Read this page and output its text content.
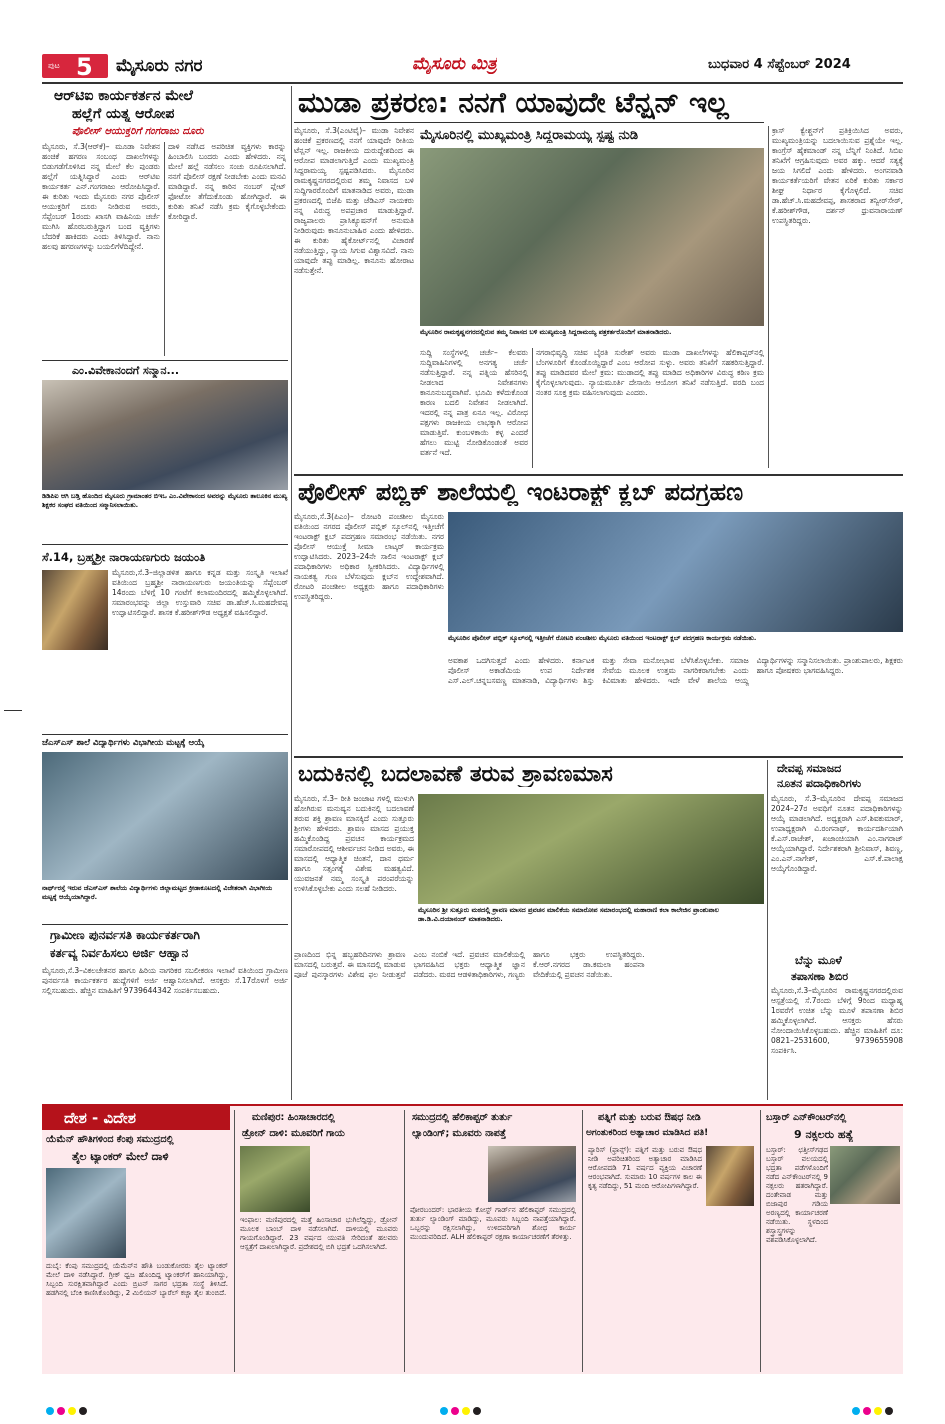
ಪುಟ 5 ಮೈಸೂರು ನಗರ	ಮೈಸೂರು ಮಿತ್ರ	ಬುಧವಾರ 4 ಸೆಪ್ಟೆಂಬರ್ 2024
ಆರ್‌ಟಿಐ ಕಾರ್ಯಕರ್ತನ ಮೇಲೆ
ಹಲ್ಲೆಗೆ ಯತ್ನ ಆರೋಪ
ಪೊಲೀಸ್ ಆಯುಕ್ತರಿಗೆ ಗಂಗರಾಜು ದೂರು
ಮೈಸೂರು, ಸೆ.3(ಆರ್‌ಕೆ)– ಮೂಡಾ ನಿವೇಶನ ಹಂಚಿಕೆ ಹಗರಣ ಸಂಬಂಧ ದಾಖಲೆಗಳನ್ನು ಬಿಡುಗಡೆಗೊಳಿಸಿದ ನನ್ನ ಮೇಲೆ ಕೆಲ ಪುಂಡರು ಹಲ್ಲೆಗೆ ಯತ್ನಿಸಿದ್ದಾರೆ ಎಂದು ಆರ್‌ಟಿಐ ಕಾರ್ಯಕರ್ತ ಎನ್.ಗಂಗರಾಜು ಆರೋಪಿಸಿದ್ದಾರೆ. ಈ ಕುರಿತು ಇಂದು ಮೈಸೂರು ನಗರ ಪೊಲೀಸ್ ಆಯುಕ್ತರಿಗೆ ದೂರು ನೀಡಿರುವ ಅವರು, ಸೆಪ್ಟೆಂಬರ್ 1ರಂದು ಖಾಸಗಿ ವಾಹಿನಿಯ ಚರ್ಚೆ ಮುಗಿಸಿ ಹೊರಬರುತ್ತಿದ್ದಾಗ ಬಂದ ವ್ಯಕ್ತಿಗಳು ಬೆದರಿಕೆ ಹಾಕಿದರು ಎಂದು ತಿಳಿಸಿದ್ದಾರೆ. ನಾನು ಹಲವು ಹಗರಣಗಳನ್ನು ಬಯಲಿಗೆಳೆದಿದ್ದೇನೆ.
ದಾಳಿ ನಡೆಸಿದ ಅಪರಿಚಿತ ವ್ಯಕ್ತಿಗಳು ಕಾರನ್ನು ಹಿಂಬಾಲಿಸಿ ಬಂದರು ಎಂದು ಹೇಳಿದರು. ನನ್ನ ಮೇಲೆ ಹಲ್ಲೆ ನಡೆಸಲು ಸಂಚು ರೂಪಿಸಲಾಗಿದೆ. ನನಗೆ ಪೊಲೀಸ್ ರಕ್ಷಣೆ ನೀಡಬೇಕು ಎಂದು ಮನವಿ ಮಾಡಿದ್ದಾರೆ. ನನ್ನ ಕಾರಿನ ನಂಬರ್ ಪ್ಲೇಟ್ ಫೋಟೋ ತೆಗೆದುಕೊಂಡು ಹೋಗಿದ್ದಾರೆ. ಈ ಕುರಿತು ತನಿಖೆ ನಡೆಸಿ ಕ್ರಮ ಕೈಗೊಳ್ಳಬೇಕೆಂದು ಕೋರಿದ್ದಾರೆ.
ಎಂ.ವಿವೇಕಾನಂದಗೆ ಸನ್ಮಾನ...
ಡಿಡಿಪಿಐ ಆಗಿ ಬಡ್ತಿ ಹೊಂದಿದ ಮೈಸೂರು ಗ್ರಾಮಾಂತರ ಬಿಇಒ ಎಂ.ವಿವೇಕಾನಂದ ಅವರನ್ನು ಮೈಸೂರು ತಾಲೂಕಿನ ಮುಖ್ಯ ಶಿಕ್ಷಕರ ಸಂಘದ ವತಿಯಿಂದ ಸನ್ಮಾನಿಸಲಾಯಿತು.
ಸೆ.14, ಬ್ರಹ್ಮಶ್ರೀ ನಾರಾಯಣಗುರು ಜಯಂತಿ
ಮೈಸೂರು,ಸೆ.3–ಜಿಲ್ಲಾಡಳಿತ ಹಾಗೂ ಕನ್ನಡ ಮತ್ತು ಸಂಸ್ಕೃತಿ ಇಲಾಖೆ ವತಿಯಿಂದ ಬ್ರಹ್ಮಶ್ರೀ ನಾರಾಯಣಗುರು ಜಯಂತಿಯನ್ನು ಸೆಪ್ಟೆಂಬರ್ 14ರಂದು ಬೆಳಿಗ್ಗೆ 10 ಗಂಟೆಗೆ ಕಲಾಮಂದಿರದಲ್ಲಿ ಹಮ್ಮಿಕೊಳ್ಳಲಾಗಿದೆ. ಸಮಾರಂಭವನ್ನು ಜಿಲ್ಲಾ ಉಸ್ತುವಾರಿ ಸಚಿವ ಡಾ.ಹೆಚ್.ಸಿ.ಮಹದೇವಪ್ಪ ಉದ್ಘಾಟಿಸಲಿದ್ದಾರೆ. ಶಾಸಕ ಕೆ.ಹರೀಶ್‌ಗೌಡ ಅಧ್ಯಕ್ಷತೆ ವಹಿಸಲಿದ್ದಾರೆ.
ಜೆಎಸ್‌ಎಸ್ ಶಾಲೆ ವಿದ್ಯಾರ್ಥಿಗಳು ವಿಭಾಗೀಯ ಮಟ್ಟಕ್ಕೆ ಆಯ್ಕೆ
ನಾರ್ಥ್‌ರಸ್ತೆ ಇರುವ ಜೆಎಸ್‌ಎಸ್ ಶಾಲೆಯ ವಿದ್ಯಾರ್ಥಿಗಳು ಜಿಲ್ಲಾಮಟ್ಟದ ಕ್ರೀಡಾಕೂಟದಲ್ಲಿ ವಿಜೇತರಾಗಿ ವಿಭಾಗೀಯ ಮಟ್ಟಕ್ಕೆ ಆಯ್ಕೆಯಾಗಿದ್ದಾರೆ.
ಗ್ರಾಮೀಣ ಪುನರ್ವಸತಿ ಕಾರ್ಯಕರ್ತರಾಗಿ
ಕರ್ತವ್ಯ ನಿರ್ವಹಿಸಲು ಅರ್ಜಿ ಆಹ್ವಾನ
ಮೈಸೂರು,ಸೆ.3–ವಿಕಲಚೇತನರ ಹಾಗೂ ಹಿರಿಯ ನಾಗರಿಕರ ಸಬಲೀಕರಣ ಇಲಾಖೆ ವತಿಯಿಂದ ಗ್ರಾಮೀಣ ಪುನರ್ವಸತಿ ಕಾರ್ಯಕರ್ತರ ಹುದ್ದೆಗಳಿಗೆ ಅರ್ಜಿ ಆಹ್ವಾನಿಸಲಾಗಿದೆ. ಆಸಕ್ತರು ಸೆ.17ರೊಳಗೆ ಅರ್ಜಿ ಸಲ್ಲಿಸಬಹುದು. ಹೆಚ್ಚಿನ ಮಾಹಿತಿಗೆ 9739644342 ಸಂಪರ್ಕಿಸಬಹುದು.
ಮುಡಾ ಪ್ರಕರಣ: ನನಗೆ ಯಾವುದೇ ಟೆನ್ಷನ್ ಇಲ್ಲ
ಮೈಸೂರು, ಸೆ.3(ಎಂಟಿವೈ)– ಮುಡಾ ನಿವೇಶನ ಹಂಚಿಕೆ ಪ್ರಕರಣದಲ್ಲಿ ನನಗೆ ಯಾವುದೇ ರೀತಿಯ ಟೆನ್ಷನ್ ಇಲ್ಲ. ರಾಜಕೀಯ ದುರುದ್ದೇಶದಿಂದ ಈ ಆರೋಪ ಮಾಡಲಾಗುತ್ತಿದೆ ಎಂದು ಮುಖ್ಯಮಂತ್ರಿ ಸಿದ್ದರಾಮಯ್ಯ ಸ್ಪಷ್ಟಪಡಿಸಿದರು. ಮೈಸೂರಿನ ರಾಮಕೃಷ್ಣನಗರದಲ್ಲಿರುವ ತಮ್ಮ ನಿವಾಸದ ಬಳಿ ಸುದ್ದಿಗಾರರೊಂದಿಗೆ ಮಾತನಾಡಿದ ಅವರು, ಮುಡಾ ಪ್ರಕರಣದಲ್ಲಿ ಬಿಜೆಪಿ ಮತ್ತು ಜೆಡಿಎಸ್ ನಾಯಕರು ನನ್ನ ವಿರುದ್ಧ ಅಪಪ್ರಚಾರ ಮಾಡುತ್ತಿದ್ದಾರೆ. ರಾಜ್ಯಪಾಲರು ಪ್ರಾಸಿಕ್ಯೂಷನ್‌ಗೆ ಅನುಮತಿ ನೀಡಿರುವುದು ಕಾನೂನುಬಾಹಿರ ಎಂದು ಹೇಳಿದರು. ಈ ಕುರಿತು ಹೈಕೋರ್ಟ್‌ನಲ್ಲಿ ವಿಚಾರಣೆ ನಡೆಯುತ್ತಿದ್ದು, ನ್ಯಾಯ ಸಿಗುವ ವಿಶ್ವಾಸವಿದೆ. ನಾನು ಯಾವುದೇ ತಪ್ಪು ಮಾಡಿಲ್ಲ. ಕಾನೂನು ಹೋರಾಟ ನಡೆಸುತ್ತೇನೆ.
ಮೈಸೂರಿನಲ್ಲಿ ಮುಖ್ಯಮಂತ್ರಿ ಸಿದ್ದರಾಮಯ್ಯ ಸ್ಪಷ್ಟ ನುಡಿ
ಮೈಸೂರಿನ ರಾಮಕೃಷ್ಣನಗರದಲ್ಲಿರುವ ತಮ್ಮ ನಿವಾಸದ ಬಳಿ ಮುಖ್ಯಮಂತ್ರಿ ಸಿದ್ದರಾಮಯ್ಯ ಪತ್ರಕರ್ತರೊಂದಿಗೆ ಮಾತನಾಡಿದರು.
ಸುದ್ದಿ ಸಂಸ್ಥೆಗಳಲ್ಲಿ ಚರ್ಚೆ– ಕೆಲವರು ಸುದ್ದಿವಾಹಿನಿಗಳಲ್ಲಿ ಅನಗತ್ಯ ಚರ್ಚೆ ನಡೆಸುತ್ತಿದ್ದಾರೆ. ನನ್ನ ಪತ್ನಿಯ ಹೆಸರಿನಲ್ಲಿ ನೀಡಲಾದ ನಿವೇಶನಗಳು ಕಾನೂನುಬದ್ಧವಾಗಿವೆ. ಭೂಮಿ ಕಳೆದುಕೊಂಡ ಕಾರಣ ಬದಲಿ ನಿವೇಶನ ನೀಡಲಾಗಿದೆ. ಇದರಲ್ಲಿ ನನ್ನ ಪಾತ್ರ ಏನೂ ಇಲ್ಲ. ವಿರೋಧ ಪಕ್ಷಗಳು ರಾಜಕೀಯ ಲಾಭಕ್ಕಾಗಿ ಆರೋಪ ಮಾಡುತ್ತಿವೆ. ಕುಂಬಳಕಾಯಿ ಕಳ್ಳ ಎಂದರೆ ಹೆಗಲು ಮುಟ್ಟಿ ನೋಡಿಕೊಂಡಂತೆ ಅವರ ವರ್ತನೆ ಇದೆ.
ನಗರಾಭಿವೃದ್ಧಿ ಸಚಿವ ಬೈರತಿ ಸುರೇಶ್ ಅವರು ಮುಡಾ ದಾಖಲೆಗಳನ್ನು ಹೆಲಿಕಾಪ್ಟರ್‌ನಲ್ಲಿ ಬೆಂಗಳೂರಿಗೆ ಕೊಂಡೊಯ್ದಿದ್ದಾರೆ ಎಂಬ ಆರೋಪ ಸುಳ್ಳು. ಅವರು ತನಿಖೆಗೆ ಸಹಕರಿಸುತ್ತಿದ್ದಾರೆ. ತಪ್ಪು ಮಾಡಿದವರ ಮೇಲೆ ಕ್ರಮ: ಮುಡಾದಲ್ಲಿ ತಪ್ಪು ಮಾಡಿದ ಅಧಿಕಾರಿಗಳ ವಿರುದ್ಧ ಕಠಿಣ ಕ್ರಮ ಕೈಗೊಳ್ಳಲಾಗುವುದು. ನ್ಯಾಯಮೂರ್ತಿ ದೇಸಾಯಿ ಆಯೋಗ ತನಿಖೆ ನಡೆಸುತ್ತಿದೆ. ವರದಿ ಬಂದ ನಂತರ ಸೂಕ್ತ ಕ್ರಮ ವಹಿಸಲಾಗುವುದು ಎಂದರು.
ಕ್ರಾಸ್ ಕ್ವೇಶ್ಚನ್‌ಗೆ ಪ್ರತಿಕ್ರಿಯಿಸಿದ ಅವರು, ಮುಖ್ಯಮಂತ್ರಿಯನ್ನು ಬದಲಾಯಿಸುವ ಪ್ರಶ್ನೆಯೇ ಇಲ್ಲ. ಕಾಂಗ್ರೆಸ್ ಹೈಕಮಾಂಡ್ ನನ್ನ ಬೆನ್ನಿಗೆ ನಿಂತಿದೆ. ಸಿಬಿಐ ತನಿಖೆಗೆ ಆಗ್ರಹಿಸುವುದು ಅವರ ಹಕ್ಕು. ಆದರೆ ಸತ್ಯಕ್ಕೆ ಜಯ ಸಿಗಲಿದೆ ಎಂದು ಹೇಳಿದರು. ಅಂಗನವಾಡಿ ಕಾರ್ಯಕರ್ತೆಯರಿಗೆ ವೇತನ ಏರಿಕೆ ಕುರಿತು ಸರ್ಕಾರ ಶೀಘ್ರ ನಿರ್ಧಾರ ಕೈಗೊಳ್ಳಲಿದೆ. ಸಚಿವ ಡಾ.ಹೆಚ್.ಸಿ.ಮಹದೇವಪ್ಪ, ಶಾಸಕರಾದ ತನ್ವೀರ್‌ಸೇಠ್, ಕೆ.ಹರೀಶ್‌ಗೌಡ, ದರ್ಶನ್ ಧ್ರುವನಾರಾಯಣ್ ಉಪಸ್ಥಿತರಿದ್ದರು.
ಪೊಲೀಸ್ ಪಬ್ಲಿಕ್ ಶಾಲೆಯಲ್ಲಿ ಇಂಟರಾಕ್ಟ್ ಕ್ಲಬ್ ಪದಗ್ರಹಣ
ಮೈಸೂರು,ಸೆ.3(ಪಿಎಂ)– ರೋಟರಿ ಪಂಚಶೀಲ ಮೈಸೂರು ವತಿಯಿಂದ ನಗರದ ಪೊಲೀಸ್ ಪಬ್ಲಿಕ್ ಸ್ಕೂಲ್‌ನಲ್ಲಿ ಇತ್ತೀಚೆಗೆ ಇಂಟರಾಕ್ಟ್ ಕ್ಲಬ್ ಪದಗ್ರಹಣ ಸಮಾರಂಭ ನಡೆಯಿತು. ನಗರ ಪೊಲೀಸ್ ಆಯುಕ್ತೆ ಸೀಮಾ ಲಾಟ್ಕರ್ ಕಾರ್ಯಕ್ರಮ ಉದ್ಘಾಟಿಸಿದರು. 2023–24ನೇ ಸಾಲಿನ ಇಂಟರಾಕ್ಟ್ ಕ್ಲಬ್ ಪದಾಧಿಕಾರಿಗಳು ಅಧಿಕಾರ ಸ್ವೀಕರಿಸಿದರು. ವಿದ್ಯಾರ್ಥಿಗಳಲ್ಲಿ ನಾಯಕತ್ವ ಗುಣ ಬೆಳೆಸುವುದು ಕ್ಲಬ್‌ನ ಉದ್ದೇಶವಾಗಿದೆ. ರೋಟರಿ ಪಂಚಶೀಲ ಅಧ್ಯಕ್ಷರು ಹಾಗೂ ಪದಾಧಿಕಾರಿಗಳು ಉಪಸ್ಥಿತರಿದ್ದರು.
ಮೈಸೂರಿನ ಪೊಲೀಸ್ ಪಬ್ಲಿಕ್ ಸ್ಕೂಲ್‌ನಲ್ಲಿ ಇತ್ತೀಚೆಗೆ ರೋಟರಿ ಪಂಚಶೀಲ ಮೈಸೂರು ವತಿಯಿಂದ ಇಂಟರಾಕ್ಟ್ ಕ್ಲಬ್ ಪದಗ್ರಹಣ ಕಾರ್ಯಕ್ರಮ ನಡೆಯಿತು.
ಅವಕಾಶ ಒದಗಿಸುತ್ತದೆ ಎಂದು ಹೇಳಿದರು. ಕರ್ನಾಟಕ ಪೊಲೀಸ್ ಅಕಾಡೆಮಿಯ ಉಪ ನಿರ್ದೇಶಕ ಎಸ್.ಎಲ್.ಚನ್ನಬಸವಣ್ಣ ಮಾತನಾಡಿ, ವಿದ್ಯಾರ್ಥಿಗಳು ಶಿಸ್ತು ಮತ್ತು ಸೇವಾ ಮನೋಭಾವ ಬೆಳೆಸಿಕೊಳ್ಳಬೇಕು. ಸಮಾಜ ಸೇವೆಯ ಮೂಲಕ ಉತ್ತಮ ನಾಗರಿಕರಾಗಬೇಕು ಎಂದು ಕಿವಿಮಾತು ಹೇಳಿದರು. ಇದೇ ವೇಳೆ ಶಾಲೆಯ ಆಯ್ದ ವಿದ್ಯಾರ್ಥಿಗಳನ್ನು ಸನ್ಮಾನಿಸಲಾಯಿತು. ಪ್ರಾಂಶುಪಾಲರು, ಶಿಕ್ಷಕರು ಹಾಗೂ ಪೋಷಕರು ಭಾಗವಹಿಸಿದ್ದರು.
ಬದುಕಿನಲ್ಲಿ ಬದಲಾವಣೆ ತರುವ ಶ್ರಾವಣಮಾಸ
ಮೈಸೂರು, ಸೆ.3– ರೀತಿ ಜಂಜಾಟ ಗಳಲ್ಲಿ ಮುಳುಗಿ ಹೋಗಿರುವ ಮನುಷ್ಯನ ಬದುಕಿನಲ್ಲಿ ಬದಲಾವಣೆ ತರುವ ಶಕ್ತಿ ಶ್ರಾವಣ ಮಾಸಕ್ಕಿದೆ ಎಂದು ಸುತ್ತೂರು ಶ್ರೀಗಳು ಹೇಳಿದರು. ಶ್ರಾವಣ ಮಾಸದ ಪ್ರಯುಕ್ತ ಹಮ್ಮಿಕೊಂಡಿದ್ದ ಪ್ರವಚನ ಕಾರ್ಯಕ್ರಮದ ಸಮಾರೋಪದಲ್ಲಿ ಆಶೀರ್ವಚನ ನೀಡಿದ ಅವರು, ಈ ಮಾಸದಲ್ಲಿ ಆಧ್ಯಾತ್ಮಿಕ ಚಿಂತನೆ, ದಾನ ಧರ್ಮ ಹಾಗೂ ಸತ್ಸಂಗಕ್ಕೆ ವಿಶೇಷ ಮಹತ್ವವಿದೆ. ಯುವಜನತೆ ನಮ್ಮ ಸಂಸ್ಕೃತಿ ಪರಂಪರೆಯನ್ನು ಉಳಿಸಿಕೊಳ್ಳಬೇಕು ಎಂದು ಸಲಹೆ ನೀಡಿದರು.
ಮೈಸೂರಿನ ಶ್ರೀ ಸುತ್ತೂರು ಮಠದಲ್ಲಿ ಶ್ರಾವಣ ಮಾಸದ ಪ್ರವಚನ ಮಾಲಿಕೆಯ ಸಮಾರೋಪ ಸಮಾರಂಭದಲ್ಲಿ ಮಹಾರಾಣಿ ಕಲಾ ಕಾಲೇಜಿನ ಪ್ರಾಂಶುಪಾಲ ಡಾ.ಡಿ.ವಿ.ದಯಾನಂದ್ ಮಾತನಾಡಿದರು.
ಪ್ರಾಣದಿಂದ ಭಿನ್ನ ಹಬ್ಬಹರಿದಿನಗಳು ಶ್ರಾವಣ ಮಾಸದಲ್ಲಿ ಬರುತ್ತವೆ. ಈ ಮಾಸದಲ್ಲಿ ಮಾಡುವ ಪೂಜೆ ಪುನಸ್ಕಾರಗಳು ವಿಶೇಷ ಫಲ ನೀಡುತ್ತವೆ ಎಂಬ ನಂಬಿಕೆ ಇದೆ. ಪ್ರವಚನ ಮಾಲಿಕೆಯಲ್ಲಿ ಭಾಗವಹಿಸಿದ ಭಕ್ತರು ಆಧ್ಯಾತ್ಮಿಕ ಜ್ಞಾನ ಪಡೆದರು. ಮಠದ ಆಡಳಿತಾಧಿಕಾರಿಗಳು, ಗಣ್ಯರು ಹಾಗೂ ಭಕ್ತರು ಉಪಸ್ಥಿತರಿದ್ದರು. ಕೆ.ಆರ್.ನಗರದ ಡಾ.ಕಮಲಾ ಹಂಪನಾ ವೇದಿಕೆಯಲ್ಲಿ ಪ್ರವಚನ ನಡೆಯಿತು.
ದೇವಪ್ಪ ಸಮಾಜದ
ನೂತನ ಪದಾಧಿಕಾರಿಗಳು
ಮೈಸೂರು, ಸೆ.3–ಮೈಸೂರಿನ ದೇವಪ್ಪ ಸಮಾಜದ 2024–27ರ ಅವಧಿಗೆ ನೂತನ ಪದಾಧಿಕಾರಿಗಳನ್ನು ಆಯ್ಕೆ ಮಾಡಲಾಗಿದೆ. ಅಧ್ಯಕ್ಷರಾಗಿ ಎಸ್.ಶಿವಕುಮಾರ್, ಉಪಾಧ್ಯಕ್ಷರಾಗಿ ವಿ.ರಂಗನಾಥ್, ಕಾರ್ಯದರ್ಶಿಯಾಗಿ ಕೆ.ಎಸ್.ರಾಜೇಶ್, ಖಜಾಂಚಿಯಾಗಿ ಎಂ.ನಾಗರಾಜ್ ಆಯ್ಕೆಯಾಗಿದ್ದಾರೆ. ನಿರ್ದೇಶಕರಾಗಿ ಶ್ರೀನಿವಾಸ್, ಶಿವಣ್ಣ, ಎಂ.ಎನ್.ನಾಗೇಶ್, ಎಸ್.ಕೆ.ಪಾಲಾಕ್ಷ ಆಯ್ಕೆಗೊಂಡಿದ್ದಾರೆ.
ಬೆನ್ನು ಮೂಳೆ
ತಪಾಸಣಾ ಶಿಬಿರ
ಮೈಸೂರು,ಸೆ.3–ಮೈಸೂರಿನ ರಾಮಕೃಷ್ಣನಗರದಲ್ಲಿರುವ ಆಸ್ಪತ್ರೆಯಲ್ಲಿ ಸೆ.7ರಂದು ಬೆಳಿಗ್ಗೆ 9ರಿಂದ ಮಧ್ಯಾಹ್ನ 1ರವರೆಗೆ ಉಚಿತ ಬೆನ್ನು ಮೂಳೆ ತಪಾಸಣಾ ಶಿಬಿರ ಹಮ್ಮಿಕೊಳ್ಳಲಾಗಿದೆ. ಆಸಕ್ತರು ಹೆಸರು ನೋಂದಾಯಿಸಿಕೊಳ್ಳಬಹುದು. ಹೆಚ್ಚಿನ ಮಾಹಿತಿಗೆ ದೂ: 0821–2531600, 9739655908 ಸಂಪರ್ಕಿಸಿ.
ದೇಶ - ವಿದೇಶ
ಯೆಮೆನ್ ಹೌತಿಗಳಿಂದ ಕೆಂಪು ಸಮುದ್ರದಲ್ಲಿ
ತೈಲ ಟ್ಯಾಂಕರ್ ಮೇಲೆ ದಾಳಿ
ದುಬೈ: ಕೆಂಪು ಸಮುದ್ರದಲ್ಲಿ ಯೆಮೆನ್‌ನ ಹೌತಿ ಬಂಡುಕೋರರು ತೈಲ ಟ್ಯಾಂಕರ್ ಮೇಲೆ ದಾಳಿ ನಡೆಸಿದ್ದಾರೆ. ಗ್ರೀಕ್ ಧ್ವಜ ಹೊಂದಿದ್ದ ಟ್ಯಾಂಕರ್‌ಗೆ ಹಾನಿಯಾಗಿದ್ದು, ಸಿಬ್ಬಂದಿ ಸುರಕ್ಷಿತವಾಗಿದ್ದಾರೆ ಎಂದು ಬ್ರಿಟನ್ ಸಾಗರ ಭದ್ರತಾ ಸಂಸ್ಥೆ ತಿಳಿಸಿದೆ. ಹಡಗಿನಲ್ಲಿ ಬೆಂಕಿ ಕಾಣಿಸಿಕೊಂಡಿದ್ದು, 2 ಮಿಲಿಯನ್ ಬ್ಯಾರೆಲ್ ಕಚ್ಚಾ ತೈಲ ತುಂಬಿದೆ.
ಮಣಿಪುರ: ಹಿಂಸಾಚಾರದಲ್ಲಿ
ಡ್ರೋನ್ ದಾಳಿ: ಮೂವರಿಗೆ ಗಾಯ
ಇಂಫಾಲ: ಮಣಿಪುರದಲ್ಲಿ ಮತ್ತೆ ಹಿಂಸಾಚಾರ ಭುಗಿಲೆದ್ದಿದ್ದು, ಡ್ರೋನ್ ಮೂಲಕ ಬಾಂಬ್ ದಾಳಿ ನಡೆಸಲಾಗಿದೆ. ದಾಳಿಯಲ್ಲಿ ಮೂವರು ಗಾಯಗೊಂಡಿದ್ದಾರೆ. 23 ವರ್ಷದ ಯುವತಿ ಸೇರಿದಂತೆ ಹಲವರು ಆಸ್ಪತ್ರೆಗೆ ದಾಖಲಾಗಿದ್ದಾರೆ. ಪ್ರದೇಶದಲ್ಲಿ ಬಿಗಿ ಭದ್ರತೆ ಒದಗಿಸಲಾಗಿದೆ.
ಸಮುದ್ರದಲ್ಲಿ ಹೆಲಿಕಾಪ್ಟರ್ ತುರ್ತು
ಲ್ಯಾಂಡಿಂಗ್; ಮೂವರು ನಾಪತ್ತೆ
ಪೋರಬಂದರ್: ಭಾರತೀಯ ಕೋಸ್ಟ್ ಗಾರ್ಡ್‌ನ ಹೆಲಿಕಾಪ್ಟರ್ ಸಮುದ್ರದಲ್ಲಿ ತುರ್ತು ಲ್ಯಾಂಡಿಂಗ್ ಮಾಡಿದ್ದು, ಮೂವರು ಸಿಬ್ಬಂದಿ ನಾಪತ್ತೆಯಾಗಿದ್ದಾರೆ. ಒಬ್ಬರನ್ನು ರಕ್ಷಿಸಲಾಗಿದ್ದು, ಉಳಿದವರಿಗಾಗಿ ಶೋಧ ಕಾರ್ಯ ಮುಂದುವರಿದಿದೆ. ALH ಹೆಲಿಕಾಪ್ಟರ್ ರಕ್ಷಣಾ ಕಾರ್ಯಾಚರಣೆಗೆ ತೆರಳಿತ್ತು.
ಪತ್ನಿಗೆ ಮತ್ತು ಬರುವ ಔಷಧ ನೀಡಿ
ಅಗಂತುಕರಿಂದ ಅತ್ಯಾಚಾರ ಮಾಡಿಸಿದ ಪತಿ!
ಪ್ಯಾರಿಸ್ (ಫ್ರಾನ್ಸ್): ಪತ್ನಿಗೆ ಮತ್ತು ಬರುವ ಔಷಧ ನೀಡಿ ಅಪರಿಚಿತರಿಂದ ಅತ್ಯಾಚಾರ ಮಾಡಿಸಿದ ಆರೋಪದಡಿ 71 ವರ್ಷದ ವ್ಯಕ್ತಿಯ ವಿಚಾರಣೆ ಆರಂಭವಾಗಿದೆ. ಸುಮಾರು 10 ವರ್ಷಗಳ ಕಾಲ ಈ ಕೃತ್ಯ ನಡೆದಿದ್ದು, 51 ಮಂದಿ ಆರೋಪಿಗಳಾಗಿದ್ದಾರೆ.
ಬಸ್ತಾರ್ ಎನ್‌ಕೌಂಟರ್‌ನಲ್ಲಿ
9 ನಕ್ಸಲರು ಹತ್ಯೆ
ಬಸ್ತಾರ್: ಛತ್ತೀಸ್‌ಗಢದ ಬಸ್ತಾರ್ ವಲಯದಲ್ಲಿ ಭದ್ರತಾ ಪಡೆಗಳೊಂದಿಗೆ ನಡೆದ ಎನ್‌ಕೌಂಟರ್‌ನಲ್ಲಿ 9 ನಕ್ಸಲರು ಹತರಾಗಿದ್ದಾರೆ. ದಂತೇವಾಡ ಮತ್ತು ಬಿಜಾಪುರ ಗಡಿಯ ಅರಣ್ಯದಲ್ಲಿ ಕಾರ್ಯಾಚರಣೆ ನಡೆಯಿತು. ಸ್ಥಳದಿಂದ ಶಸ್ತ್ರಾಸ್ತ್ರಗಳನ್ನು ವಶಪಡಿಸಿಕೊಳ್ಳಲಾಗಿದೆ.
